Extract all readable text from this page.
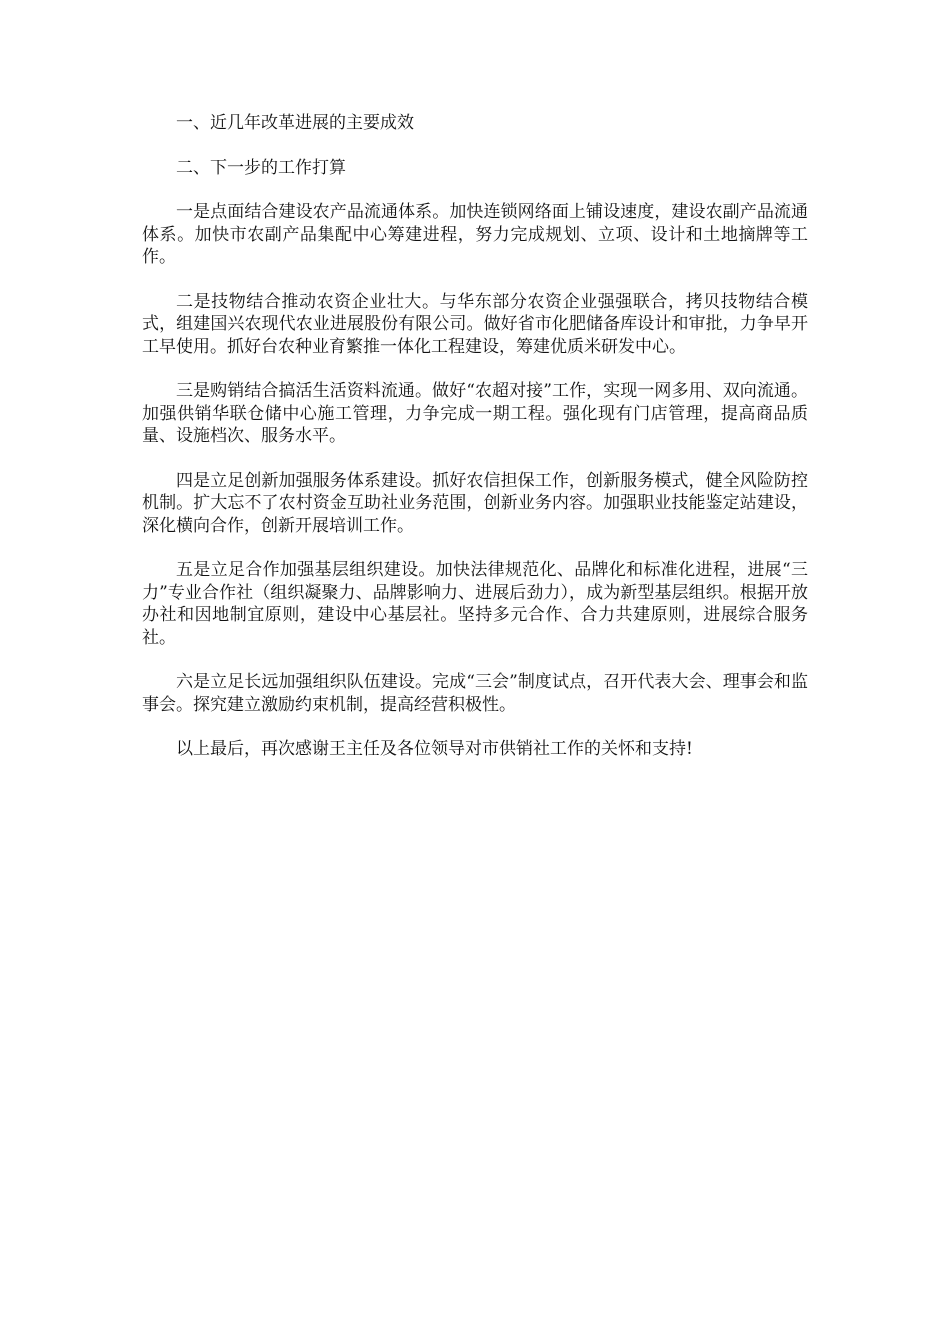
一、近几年改革进展的主要成效

二、下一步的工作打算

一是点面结合建设农产品流通体系。加快连锁网络面上铺设速度，建设农副产品流通体系。加快市农副产品集配中心筹建进程，努力完成规划、立项、设计和土地摘牌等工作。

二是技物结合推动农资企业壮大。与华东部分农资企业强强联合，拷贝技物结合模式，组建国兴农现代农业进展股份有限公司。做好省市化肥储备库设计和审批，力争早开工早使用。抓好台农种业育繁推一体化工程建设，筹建优质米研发中心。

三是购销结合搞活生活资料流通。做好“农超对接”工作，实现一网多用、双向流通。加强供销华联仓储中心施工管理，力争完成一期工程。强化现有门店管理，提高商品质量、设施档次、服务水平。

四是立足创新加强服务体系建设。抓好农信担保工作，创新服务模式，健全风险防控机制。扩大忘不了农村资金互助社业务范围，创新业务内容。加强职业技能鉴定站建设，深化横向合作，创新开展培训工作。

五是立足合作加强基层组织建设。加快法律规范化、品牌化和标准化进程，进展“三力”专业合作社（组织凝聚力、品牌影响力、进展后劲力），成为新型基层组织。根据开放办社和因地制宜原则，建设中心基层社。坚持多元合作、合力共建原则，进展综合服务社。

六是立足长远加强组织队伍建设。完成“三会”制度试点，召开代表大会、理事会和监事会。探究建立激励约束机制，提高经营积极性。

以上最后，再次感谢王主任及各位领导对市供销社工作的关怀和支持!
